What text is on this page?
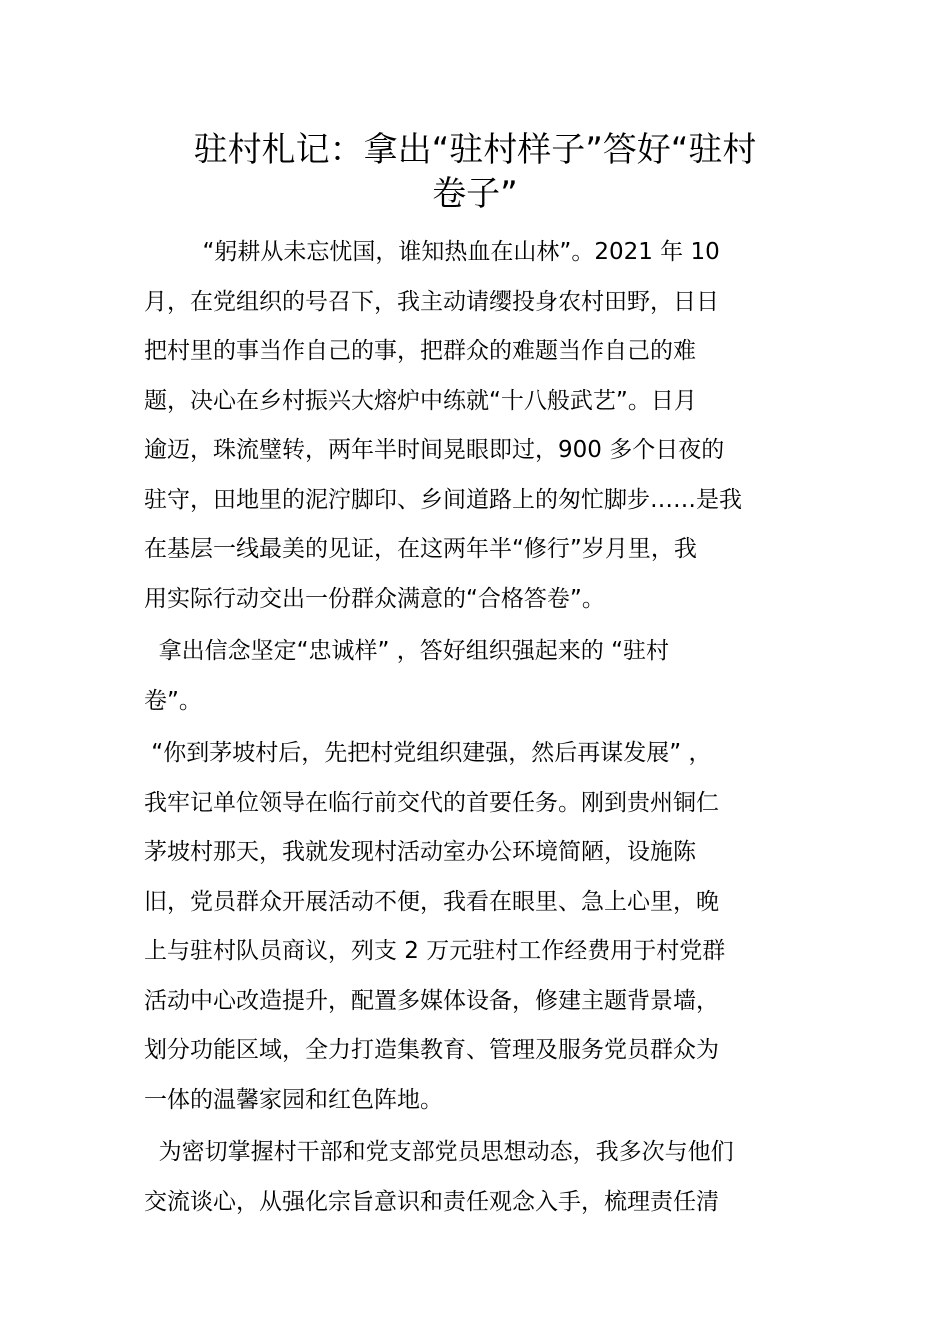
驻村札记：拿出“驻村样子”答好“驻村
卷子”

“躬耕从未忘忧国，谁知热血在山林”。2021 年 10
月，在党组织的号召下，我主动请缨投身农村田野，日日
把村里的事当作自己的事，把群众的难题当作自己的难
题，决心在乡村振兴大熔炉中练就“十八般武艺”。日月
逾迈，珠流璧转，两年半时间晃眼即过，900 多个日夜的
驻守，田地里的泥泞脚印、乡间道路上的匆忙脚步……是我
在基层一线最美的见证，在这两年半“修行”岁月里，我
用实际行动交出一份群众满意的“合格答卷”。

拿出信念坚定“忠诚样” ，答好组织强起来的 “驻村
卷”。

“你到茅坡村后，先把村党组织建强，然后再谋发展” ，
我牢记单位领导在临行前交代的首要任务。刚到贵州铜仁
茅坡村那天，我就发现村活动室办公环境简陋，设施陈
旧，党员群众开展活动不便，我看在眼里、急上心里，晚
上与驻村队员商议，列支 2 万元驻村工作经费用于村党群
活动中心改造提升，配置多媒体设备，修建主题背景墙，
划分功能区域，全力打造集教育、管理及服务党员群众为
一体的温馨家园和红色阵地。

为密切掌握村干部和党支部党员思想动态，我多次与他们
交流谈心，从强化宗旨意识和责任观念入手，梳理责任清
